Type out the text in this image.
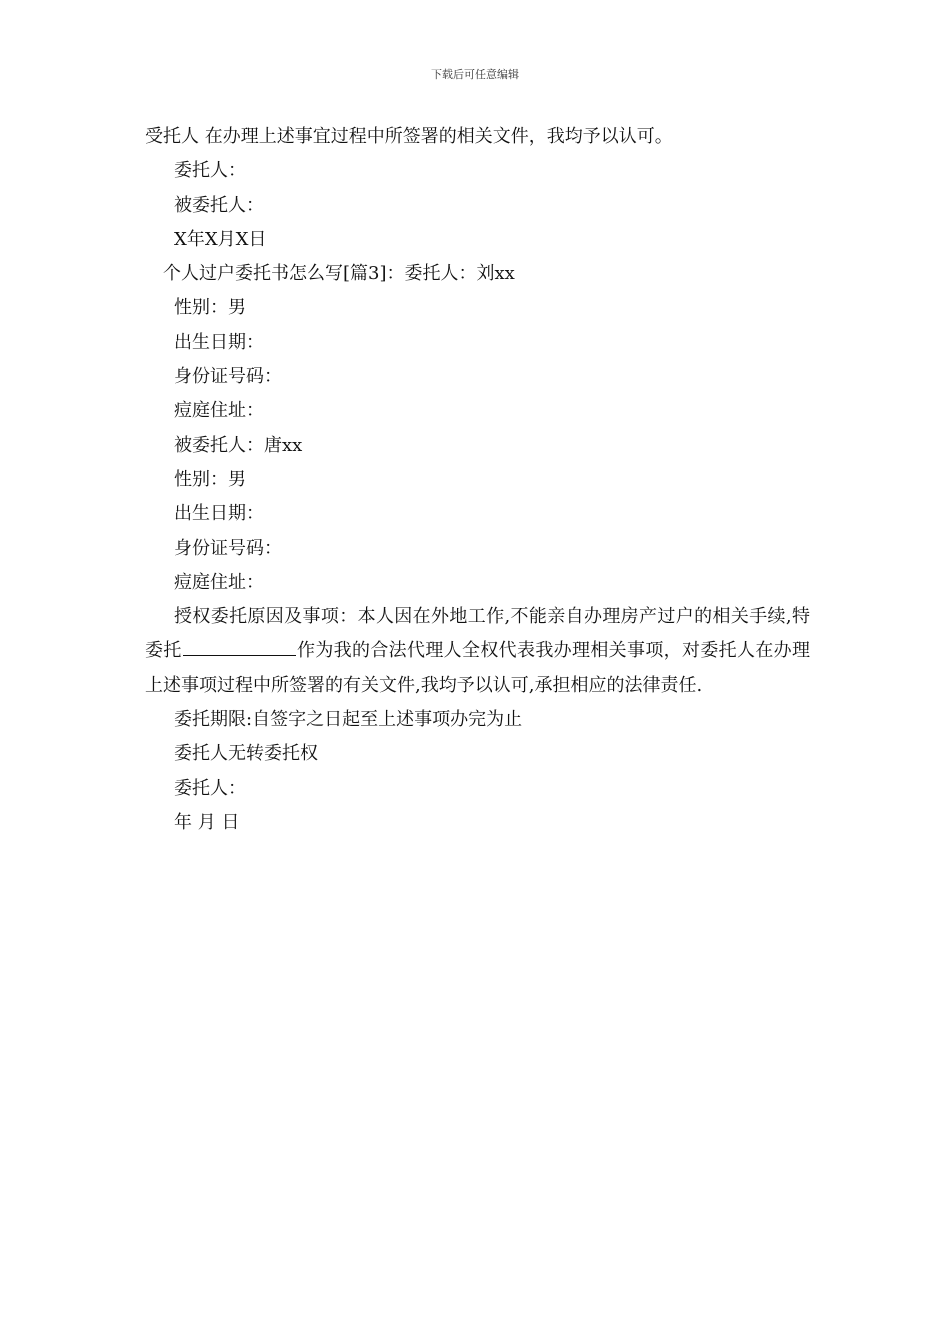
下载后可任意编辑
受托人 在办理上述事宜过程中所签署的相关文件，我均予以认可。
委托人：
被委托人：
X年X月X日
个人过户委托书怎么写[篇3]：委托人：刘xx
性别：男
出生日期：
身份证号码：
痘庭住址：
被委托人：唐xx
性别：男
出生日期：
身份证号码：
痘庭住址：

授权委托原因及事项：本人因在外地工作,不能亲自办理房产过户的相关手续,特委托	作为我的合法代理人全权代表我办理相关事项，对委托人在办理上述事项过程中所签署的有关文件,我均予以认可,承担相应的法律责任.

委托期限:自签字之日起至上述事项办完为止
委托人无转委托权
委托人：
年 月 日
